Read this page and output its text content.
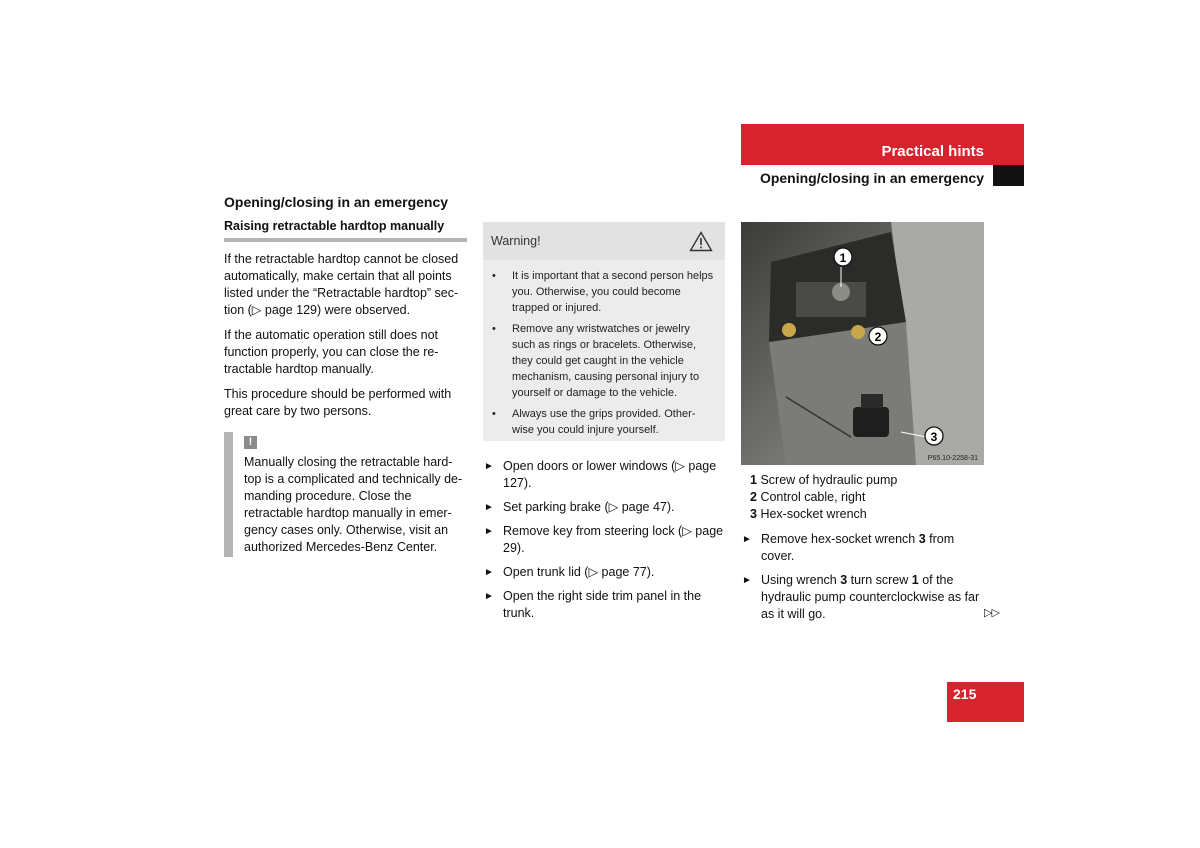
Practical hints
Opening/closing in an emergency
Opening/closing in an emergency
Raising retractable hardtop manually
If the retractable hardtop cannot be closed automatically, make certain that all points listed under the “Retractable hardtop” sec-tion (▷ page 129) were observed.
If the automatic operation still does not function properly, you can close the re-tractable hardtop manually.
This procedure should be performed with great care by two persons.
!
Manually closing the retractable hard-top is a complicated and technically de-manding procedure. Close the retractable hardtop manually in emer-gency cases only. Otherwise, visit an authorized Mercedes-Benz Center.
Warning!
• It is important that a second person helps you. Otherwise, you could become trapped or injured.
• Remove any wristwatches or jewelry such as rings or bracelets. Otherwise, they could get caught in the vehicle mechanism, causing personal injury to yourself or damage to the vehicle.
• Always use the grips provided. Other-wise you could injure yourself.
► Open doors or lower windows (▷ page 127).
► Set parking brake (▷ page 47).
► Remove key from steering lock (▷ page 29).
► Open trunk lid (▷ page 77).
► Open the right side trim panel in the trunk.
1
2
3
P65.10-2258-31
1 Screw of hydraulic pump
2 Control cable, right
3 Hex-socket wrench
► Remove hex-socket wrench 3 from cover.
► Using wrench 3 turn screw 1 of the hydraulic pump counterclockwise as far as it will go.	▷▷
215
